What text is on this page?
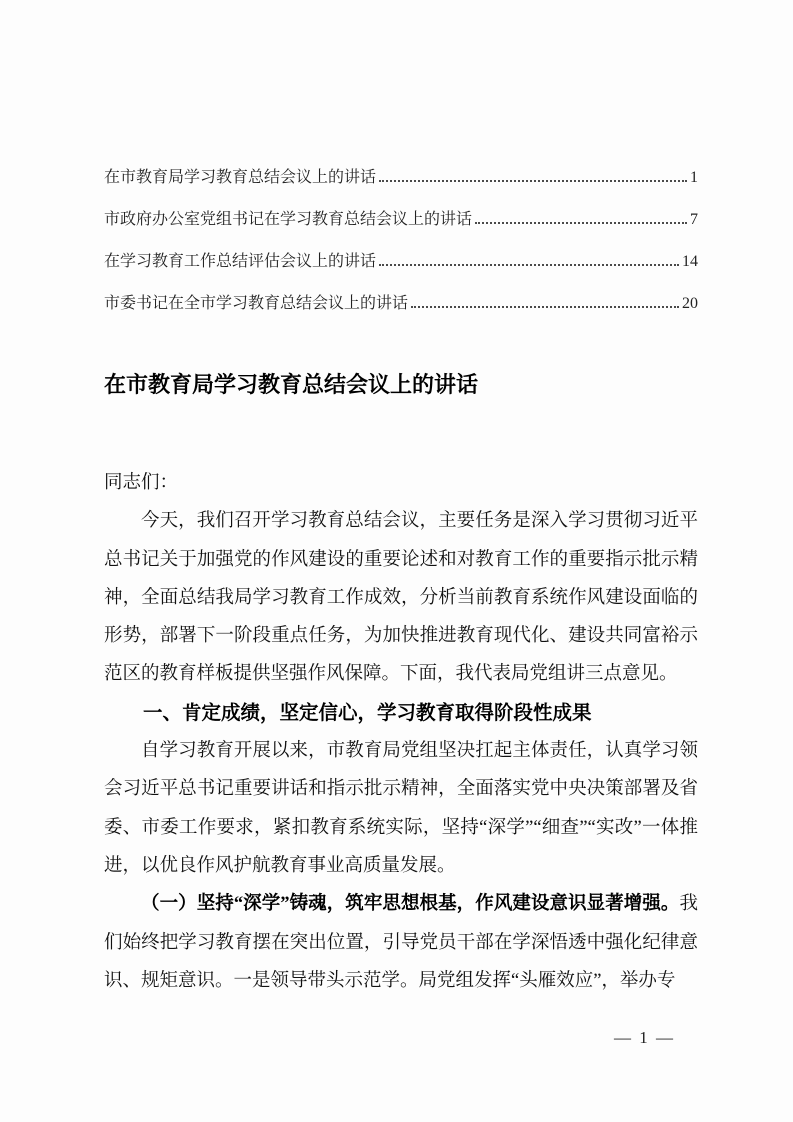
在市教育局学习教育总结会议上的讲话	1
市政府办公室党组书记在学习教育总结会议上的讲话	7
在学习教育工作总结评估会议上的讲话	14
市委书记在全市学习教育总结会议上的讲话	20
在市教育局学习教育总结会议上的讲话

同志们：

今天，我们召开学习教育总结会议，主要任务是深入学习贯彻习近平总书记关于加强党的作风建设的重要论述和对教育工作的重要指示批示精神，全面总结我局学习教育工作成效，分析当前教育系统作风建设面临的形势，部署下一阶段重点任务，为加快推进教育现代化、建设共同富裕示范区的教育样板提供坚强作风保障。下面，我代表局党组讲三点意见。

一、肯定成绩，坚定信心，学习教育取得阶段性成果

自学习教育开展以来，市教育局党组坚决扛起主体责任，认真学习领会习近平总书记重要讲话和指示批示精神，全面落实党中央决策部署及省委、市委工作要求，紧扣教育系统实际，坚持“深学”“细查”“实改”一体推进，以优良作风护航教育事业高质量发展。

（一）坚持“深学”铸魂，筑牢思想根基，作风建设意识显著增强。我们始终把学习教育摆在突出位置，引导党员干部在学深悟透中强化纪律意识、规矩意识。一是领导带头示范学。局党组发挥“头雁效应”，举办专

— 1 —
